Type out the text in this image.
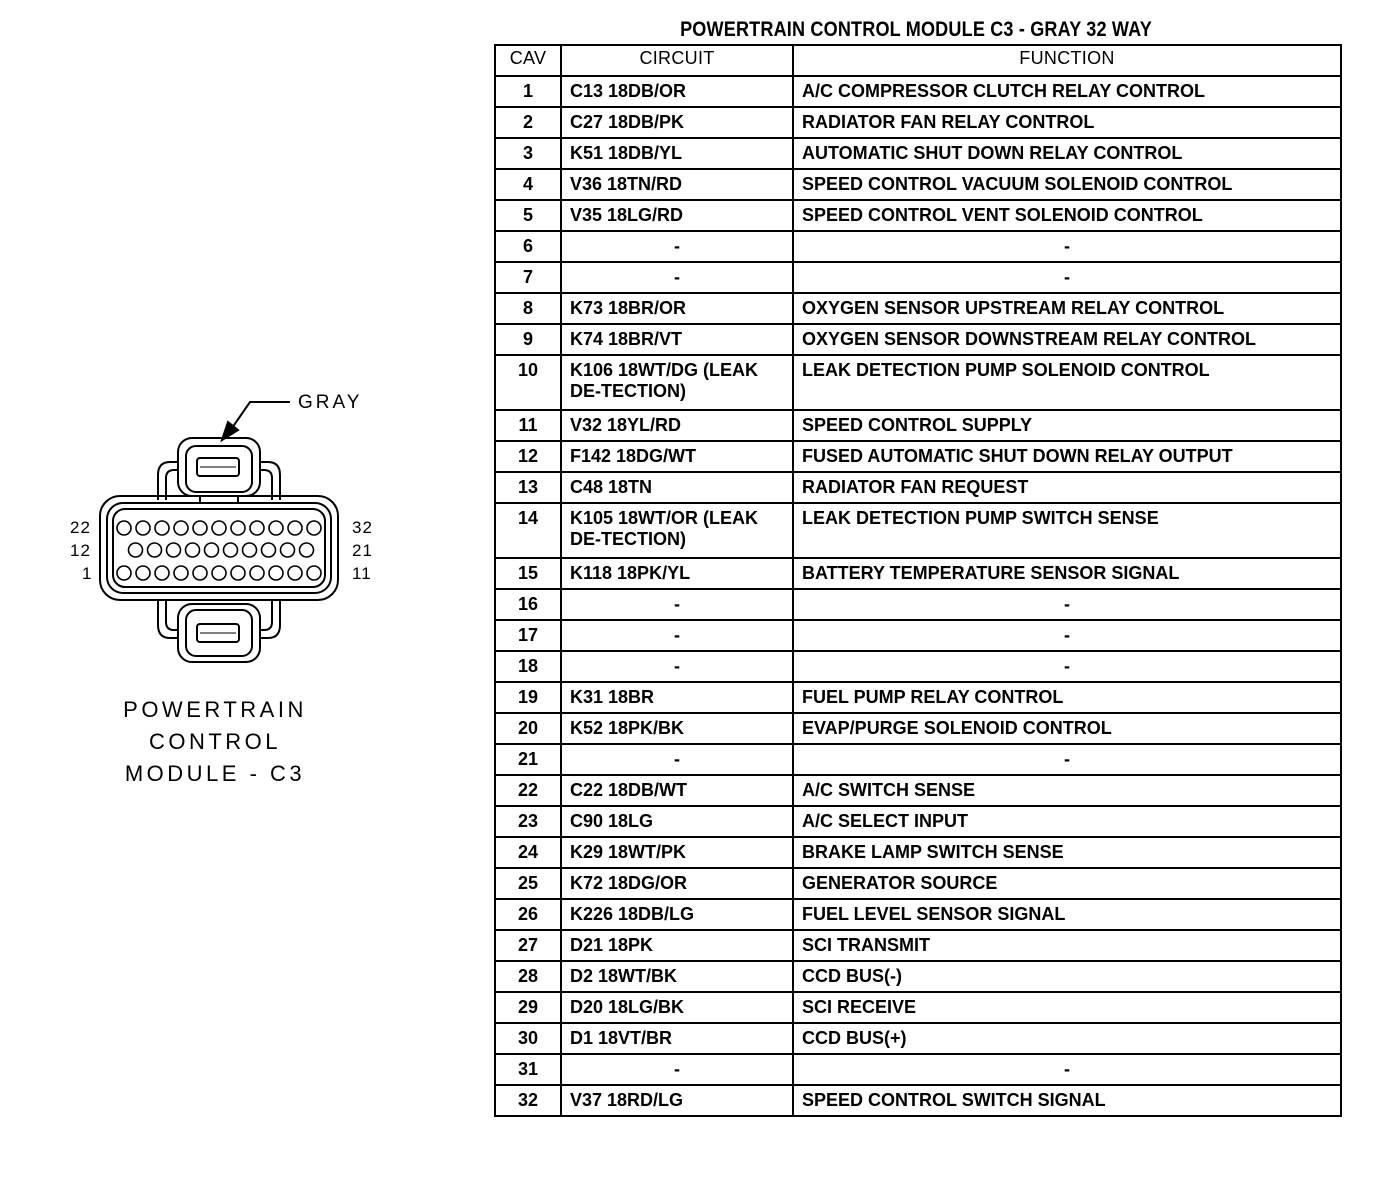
GRAY
22
12
1
32
21
11
POWERTRAIN
CONTROL
MODULE - C3
POWERTRAIN CONTROL MODULE C3 - GRAY 32 WAY
CAV	CIRCUIT	FUNCTION
1	C13 18DB/OR	A/C COMPRESSOR CLUTCH RELAY CONTROL
2	C27 18DB/PK	RADIATOR FAN RELAY CONTROL
3	K51 18DB/YL	AUTOMATIC SHUT DOWN RELAY CONTROL
4	V36 18TN/RD	SPEED CONTROL VACUUM SOLENOID CONTROL
5	V35 18LG/RD	SPEED CONTROL VENT SOLENOID CONTROL
6	-	-
7	-	-
8	K73 18BR/OR	OXYGEN SENSOR UPSTREAM RELAY CONTROL
9	K74 18BR/VT	OXYGEN SENSOR DOWNSTREAM RELAY CONTROL
10	K106 18WT/DG (LEAK DE-TECTION)	LEAK DETECTION PUMP SOLENOID CONTROL
11	V32 18YL/RD	SPEED CONTROL SUPPLY
12	F142 18DG/WT	FUSED AUTOMATIC SHUT DOWN RELAY OUTPUT
13	C48 18TN	RADIATOR FAN REQUEST
14	K105 18WT/OR (LEAK DE-TECTION)	LEAK DETECTION PUMP SWITCH SENSE
15	K118 18PK/YL	BATTERY TEMPERATURE SENSOR SIGNAL
16	-	-
17	-	-
18	-	-
19	K31 18BR	FUEL PUMP RELAY CONTROL
20	K52 18PK/BK	EVAP/PURGE SOLENOID CONTROL
21	-	-
22	C22 18DB/WT	A/C SWITCH SENSE
23	C90 18LG	A/C SELECT INPUT
24	K29 18WT/PK	BRAKE LAMP SWITCH SENSE
25	K72 18DG/OR	GENERATOR SOURCE
26	K226 18DB/LG	FUEL LEVEL SENSOR SIGNAL
27	D21 18PK	SCI TRANSMIT
28	D2 18WT/BK	CCD BUS(-)
29	D20 18LG/BK	SCI RECEIVE
30	D1 18VT/BR	CCD BUS(+)
31	-	-
32	V37 18RD/LG	SPEED CONTROL SWITCH SIGNAL
